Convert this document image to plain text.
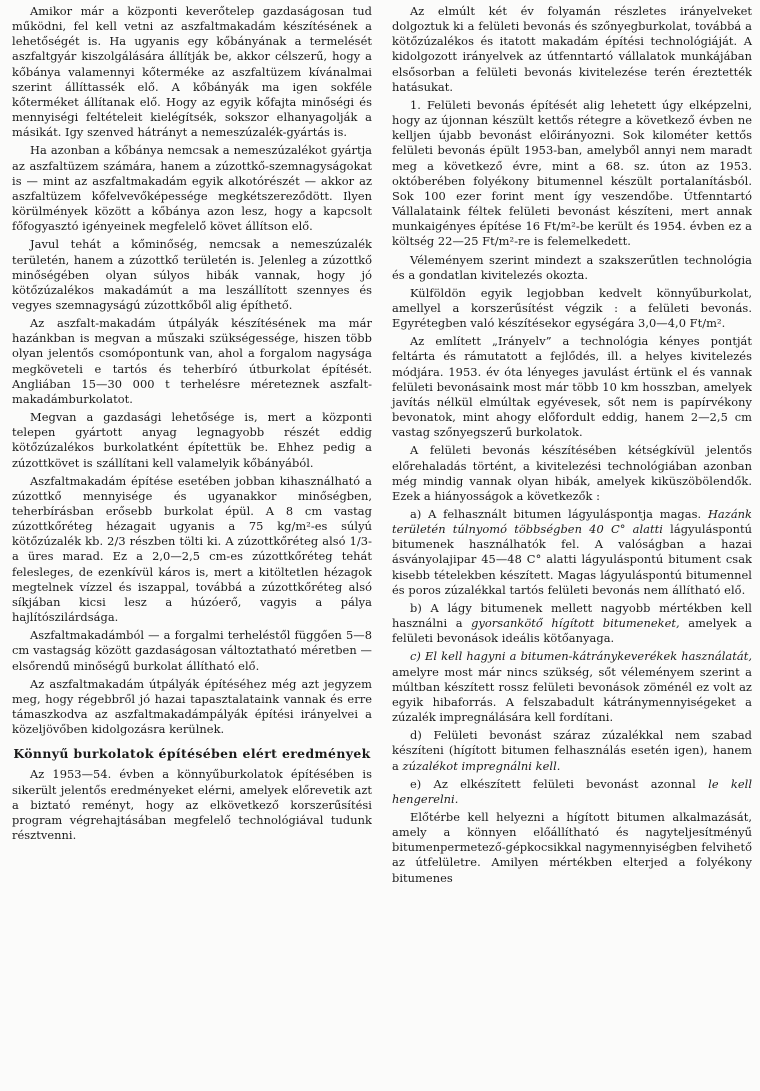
Amikor már a központi keverőtelep gazdaságosan tud működni, fel kell vetni az aszfaltmakadám készítésének a lehetőségét is. Ha ugyanis egy kőbányának a termelését aszfaltgyár kiszolgálására állítják be, akkor célszerű, hogy a kőbánya valamennyi kőterméke az aszfaltüzem kívánalmai szerint állíttassék elő. A kőbányák ma igen sokféle kőterméket állítanak elő. Hogy az egyik kőfajta minőségi és mennyiségi feltételeit kielégítsék, sokszor elhanyagolják a másikát. Igy szenved hátrányt a nemeszúzalék-gyártás is.

Ha azonban a kőbánya nemcsak a nemeszúzalékot gyártja az aszfaltüzem számára, hanem a zúzottkő-szemnagyságokat is — mint az aszfaltmakadám egyik alkotórészét — akkor az aszfaltüzem kőfelvevőképessége megkétszereződött. Ilyen körülmények között a kőbánya azon lesz, hogy a kapcsolt főfogyasztó igényeinek megfelelő követ állítson elő.

Javul tehát a kőminőség, nemcsak a nemeszúzalék területén, hanem a zúzottkő területén is. Jelenleg a zúzottkő minőségében olyan súlyos hibák vannak, hogy jó kötőzúzalékos makadámút a ma leszállított szennyes és vegyes szemnagyságú zúzottkőből alig építhető.

Az aszfalt-makadám útpályák készítésének ma már hazánkban is megvan a műszaki szükségessége, hiszen több olyan jelentős csomópontunk van, ahol a forgalom nagysága megköveteli e tartós és teherbíró útburkolat építését. Angliában 15—30 000 t terhelésre méreteznek aszfalt-makadámburkolatot.

Megvan a gazdasági lehetősége is, mert a központi telepen gyártott anyag legnagyobb részét eddig kötőzúzalékos burkolatként építettük be. Ehhez pedig a zúzottkövet is szállítani kell valamelyik kőbányából.

Aszfaltmakadám építése esetében jobban kihasználható a zúzottkő mennyisége és ugyanakkor minőségben, teherbírásban erősebb burkolat épül. A 8 cm vastag zúzottkőréteg hézagait ugyanis a 75 kg/m²-es súlyú kötőzúzalék kb. 2/3 részben tölti ki. A zúzottkőréteg alsó 1/3-a üres marad. Ez a 2,0—2,5 cm-es zúzottkőréteg tehát felesleges, de ezenkívül káros is, mert a kitöltetlen hézagok megtelnek vízzel és iszappal, továbbá a zúzottkőréteg alsó síkjában kicsi lesz a húzóerő, vagyis a pálya hajlítószilárdsága.

Aszfaltmakadámból — a forgalmi terheléstől függően 5—8 cm vastagság között gazdaságosan változtatható méretben — elsőrendű minőségű burkolat állítható elő.

Az aszfaltmakadám útpályák építéséhez még azt jegyzem meg, hogy régebbről jó hazai tapasztalataink vannak és erre támaszkodva az aszfaltmakadámpályák építési irányelvei a közeljövőben kidolgozásra kerülnek.

Könnyű burkolatok építésében elért eredmények

Az 1953—54. évben a könnyűburkolatok építésében is sikerült jelentős eredményeket elérni, amelyek előrevetik azt a biztató reményt, hogy az elkövetkező korszerűsítési program végrehajtásában megfelelő technológiával tudunk résztvenni.

Az elmúlt két év folyamán részletes irányelveket dolgoztuk ki a felületi bevonás és szőnyegburkolat, továbbá a kötőzúzalékos és itatott makadám építési technológiáját. A kidolgozott irányelvek az útfenntartó vállalatok munkájában elsősorban a felületi bevonás kivitelezése terén éreztették hatásukat.

1. Felületi bevonás építését alig lehetett úgy elképzelni, hogy az újonnan készült kettős rétegre a következő évben ne kelljen újabb bevonást előirányozni. Sok kilométer kettős felületi bevonás épült 1953-ban, amelyből annyi nem maradt meg a következő évre, mint a 68. sz. úton az 1953. októberében folyékony bitumennel készült portalanításból. Sok 100 ezer forint ment így veszendőbe. Útfenntartó Vállalataink féltek felületi bevonást készíteni, mert annak munkaigényes építése 16 Ft/m²-be került és 1954. évben ez a költség 22—25 Ft/m²-re is felemelkedett.

Véleményem szerint mindezt a szakszerűtlen technológia és a gondatlan kivitelezés okozta.

Külföldön egyik legjobban kedvelt könnyűburkolat, amellyel a korszerűsítést végzik : a felületi bevonás. Egyrétegben való készítésekor egységára 3,0—4,0 Ft/m².

Az említett „Irányelv” a technológia kényes pontját feltárta és rámutatott a fejlődés, ill. a helyes kivitelezés módjára. 1953. év óta lényeges javulást értünk el és vannak felületi bevonásaink most már több 10 km hosszban, amelyek javítás nélkül elmúltak egyévesek, sőt nem is papírvékony bevonatok, mint ahogy előfordult eddig, hanem 2—2,5 cm vastag szőnyegszerű burkolatok.

A felületi bevonás készítésében kétségkívül jelentős előrehaladás történt, a kivitelezési technológiában azonban még mindig vannak olyan hibák, amelyek kiküszöbölendők. Ezek a hiányosságok a következők :

a) A felhasznált bitumen lágyuláspontja magas. Hazánk területén túlnyomó többségben 40 C° alatti lágyuláspontú bitumenek használhatók fel. A valóságban a hazai ásványolajipar 45—48 C° alatti lágyuláspontú bitument csak kisebb tételekben készített. Magas lágyuláspontú bitumennel és poros zúzalékkal tartós felületi bevonás nem állítható elő.

b) A lágy bitumenek mellett nagyobb mértékben kell használni a gyorsankötő hígított bitumeneket, amelyek a felületi bevonások ideális kötőanyaga.

c) El kell hagyni a bitumen-kátránykeverékek használatát, amelyre most már nincs szükség, sőt véleményem szerint a múltban készített rossz felületi bevonások zöménél ez volt az egyik hibaforrás. A felszabadult kátránymennyiségeket a zúzalék impregnálására kell fordítani.

d) Felületi bevonást száraz zúzalékkal nem szabad készíteni (hígított bitumen felhasználás esetén igen), hanem a zúzalékot impregnálni kell.

e) Az elkészített felületi bevonást azonnal le kell hengerelni.

Előtérbe kell helyezni a hígított bitumen alkalmazását, amely a könnyen előállítható és nagyteljesítményű bitumenpermetező-gépkocsikkal nagymennyiségben felvihető az útfelületre. Amilyen mértékben elterjed a folyékony bitumenes
